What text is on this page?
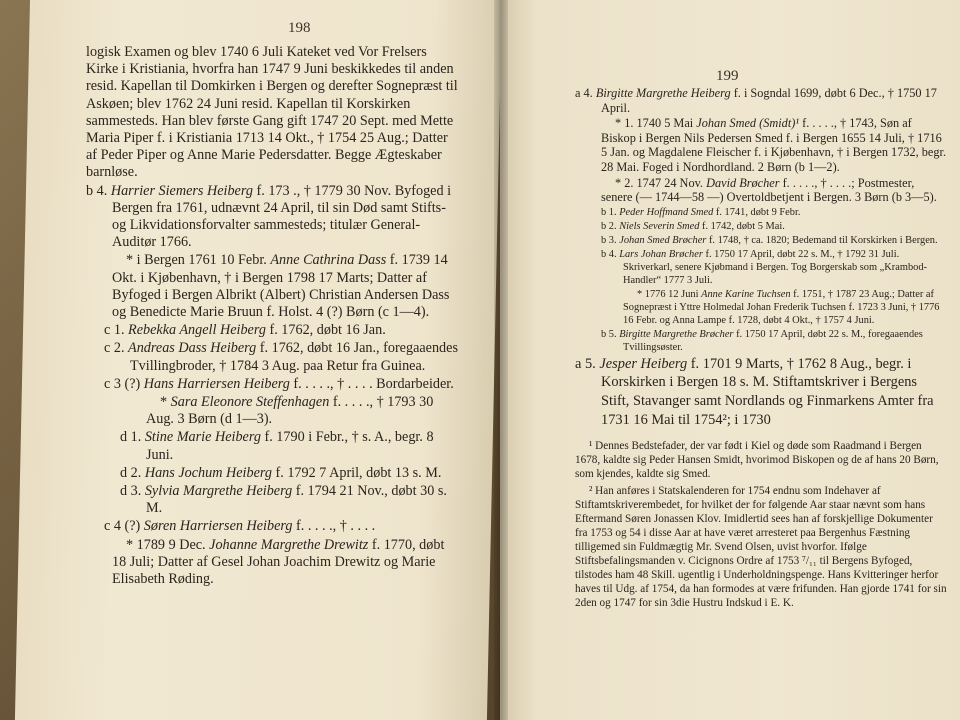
198
199

logisk Examen og blev 1740 6 Juli Kateket ved Vor Frelsers Kirke i Kristiania, hvorfra han 1747 9 Juni beskikkedes til anden resid. Kapellan til Domkirken i Bergen og derefter Sognepræst til Askøen; blev 1762 24 Juni resid. Kapellan til Korskirken sammesteds. Han blev første Gang gift 1747 20 Sept. med Mette Maria Piper f. i Kristiania 1713 14 Okt., † 1754 25 Aug.; Datter af Peder Piper og Anne Marie Pedersdatter. Begge Ægteskaber barnløse.

b 4. Harrier Siemers Heiberg f. 173 ., † 1779 30 Nov. Byfoged i Bergen fra 1761, udnævnt 24 April, til sin Død samt Stifts- og Likvidationsforvalter sammesteds; titulær General-Auditør 1766.

* i Bergen 1761 10 Febr. Anne Cathrina Dass f. 1739 14 Okt. i Kjøbenhavn, † i Bergen 1798 17 Marts; Datter af Byfoged i Bergen Albrikt (Albert) Christian Andersen Dass og Benedicte Marie Bruun f. Holst. 4 (?) Børn (c 1—4).

c 1. Rebekka Angell Heiberg f. 1762, døbt 16 Jan.

c 2. Andreas Dass Heiberg f. 1762, døbt 16 Jan., foregaaendes Tvillingbroder, † 1784 3 Aug. paa Retur fra Guinea.

c 3 (?) Hans Harriersen Heiberg f. . . . ., † . . . . Bordarbeider.

* Sara Eleonore Steffenhagen f. . . . ., † 1793 30 Aug. 3 Børn (d 1—3).

d 1. Stine Marie Heiberg f. 1790 i Febr., † s. A., begr. 8 Juni.

d 2. Hans Jochum Heiberg f. 1792 7 April, døbt 13 s. M.

d 3. Sylvia Margrethe Heiberg f. 1794 21 Nov., døbt 30 s. M.

c 4 (?) Søren Harriersen Heiberg f. . . . ., † . . . .

* 1789 9 Dec. Johanne Margrethe Drewitz f. 1770, døbt 18 Juli; Datter af Gesel Johan Joachim Drewitz og Marie Elisabeth Røding.

a 4. Birgitte Margrethe Heiberg f. i Sogndal 1699, døbt 6 Dec., † 1750 17 April.

* 1. 1740 5 Mai Johan Smed (Smidt)¹ f. . . . ., † 1743, Søn af Biskop i Bergen Nils Pedersen Smed f. i Bergen 1655 14 Juli, † 1716 5 Jan. og Magdalene Fleischer f. i Kjøbenhavn, † i Bergen 1732, begr. 28 Mai. Foged i Nordhordland. 2 Børn (b 1—2).

* 2. 1747 24 Nov. David Brøcher f. . . . ., † . . . .; Postmester, senere (— 1744—58 —) Overtoldbetjent i Bergen. 3 Børn (b 3—5).

b 1. Peder Hoffmand Smed f. 1741, døbt 9 Febr.

b 2. Niels Severin Smed f. 1742, døbt 5 Mai.

b 3. Johan Smed Brøcher f. 1748, † ca. 1820; Bedemand til Korskirken i Bergen.

b 4. Lars Johan Brøcher f. 1750 17 April, døbt 22 s. M., † 1792 31 Juli. Skriverkarl, senere Kjøbmand i Bergen. Tog Borgerskab som „Krambod-Handler“ 1777 3 Juli.

* 1776 12 Juni Anne Karine Tuchsen f. 1751, † 1787 23 Aug.; Datter af Sognepræst i Yttre Holmedal Johan Frederik Tuchsen f. 1723 3 Juni, † 1776 16 Febr. og Anna Lampe f. 1728, døbt 4 Okt., † 1757 4 Juni.

b 5. Birgitte Margrethe Brøcher f. 1750 17 April, døbt 22 s. M., foregaaendes Tvillingsøster.

a 5. Jesper Heiberg f. 1701 9 Marts, † 1762 8 Aug., begr. i Korskirken i Bergen 18 s. M. Stiftamtskriver i Bergens Stift, Stavanger samt Nordlands og Finmarkens Amter fra 1731 16 Mai til 1754²; i 1730

¹ Dennes Bedstefader, der var født i Kiel og døde som Raadmand i Bergen 1678, kaldte sig Peder Hansen Smidt, hvorimod Biskopen og de af hans 20 Børn, som kjendes, kaldte sig Smed.

² Han anføres i Statskalenderen for 1754 endnu som Indehaver af Stiftamtskriverembedet, for hvilket der for følgende Aar staar nævnt som hans Eftermand Søren Jonassen Klov. Imidlertid sees han af forskjellige Dokumenter fra 1753 og 54 i disse Aar at have været arresteret paa Bergenhus Fæstning tilligemed sin Fuldmægtig Mr. Svend Olsen, uvist hvorfor. Ifølge Stiftsbefalingsmanden v. Cicignons Ordre af 1753 ⁷/₁₁ til Bergens Byfoged, tilstodes ham 48 Skill. ugentlig i Underholdningspenge. Hans Kvitteringer herfor haves til Udg. af 1754, da han formodes at være frifunden. Han gjorde 1741 for sin 2den og 1747 for sin 3die Hustru Indskud i E. K.
